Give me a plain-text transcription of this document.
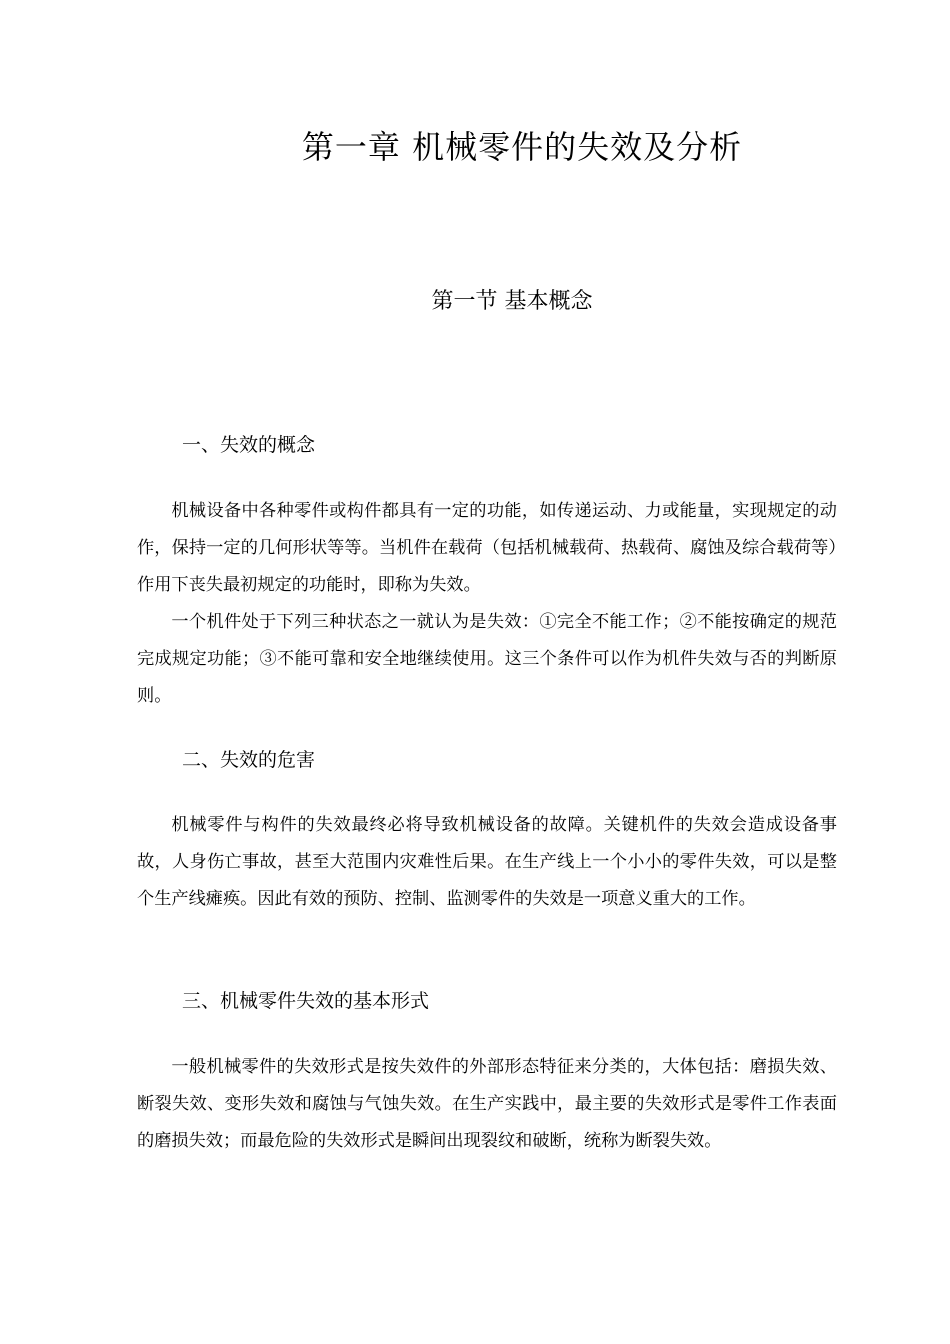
第一章 机械零件的失效及分析
第一节 基本概念
一、失效的概念

机械设备中各种零件或构件都具有一定的功能，如传递运动、力或能量，实现规定的动作，保持一定的几何形状等等。当机件在载荷（包括机械载荷、热载荷、腐蚀及综合载荷等）作用下丧失最初规定的功能时，即称为失效。

一个机件处于下列三种状态之一就认为是失效：①完全不能工作；②不能按确定的规范完成规定功能；③不能可靠和安全地继续使用。这三个条件可以作为机件失效与否的判断原则。

二、失效的危害

机械零件与构件的失效最终必将导致机械设备的故障。关键机件的失效会造成设备事故，人身伤亡事故，甚至大范围内灾难性后果。在生产线上一个小小的零件失效，可以是整个生产线瘫痪。因此有效的预防、控制、监测零件的失效是一项意义重大的工作。

三、机械零件失效的基本形式

一般机械零件的失效形式是按失效件的外部形态特征来分类的，大体包括：磨损失效、断裂失效、变形失效和腐蚀与气蚀失效。在生产实践中，最主要的失效形式是零件工作表面的磨损失效；而最危险的失效形式是瞬间出现裂纹和破断，统称为断裂失效。
